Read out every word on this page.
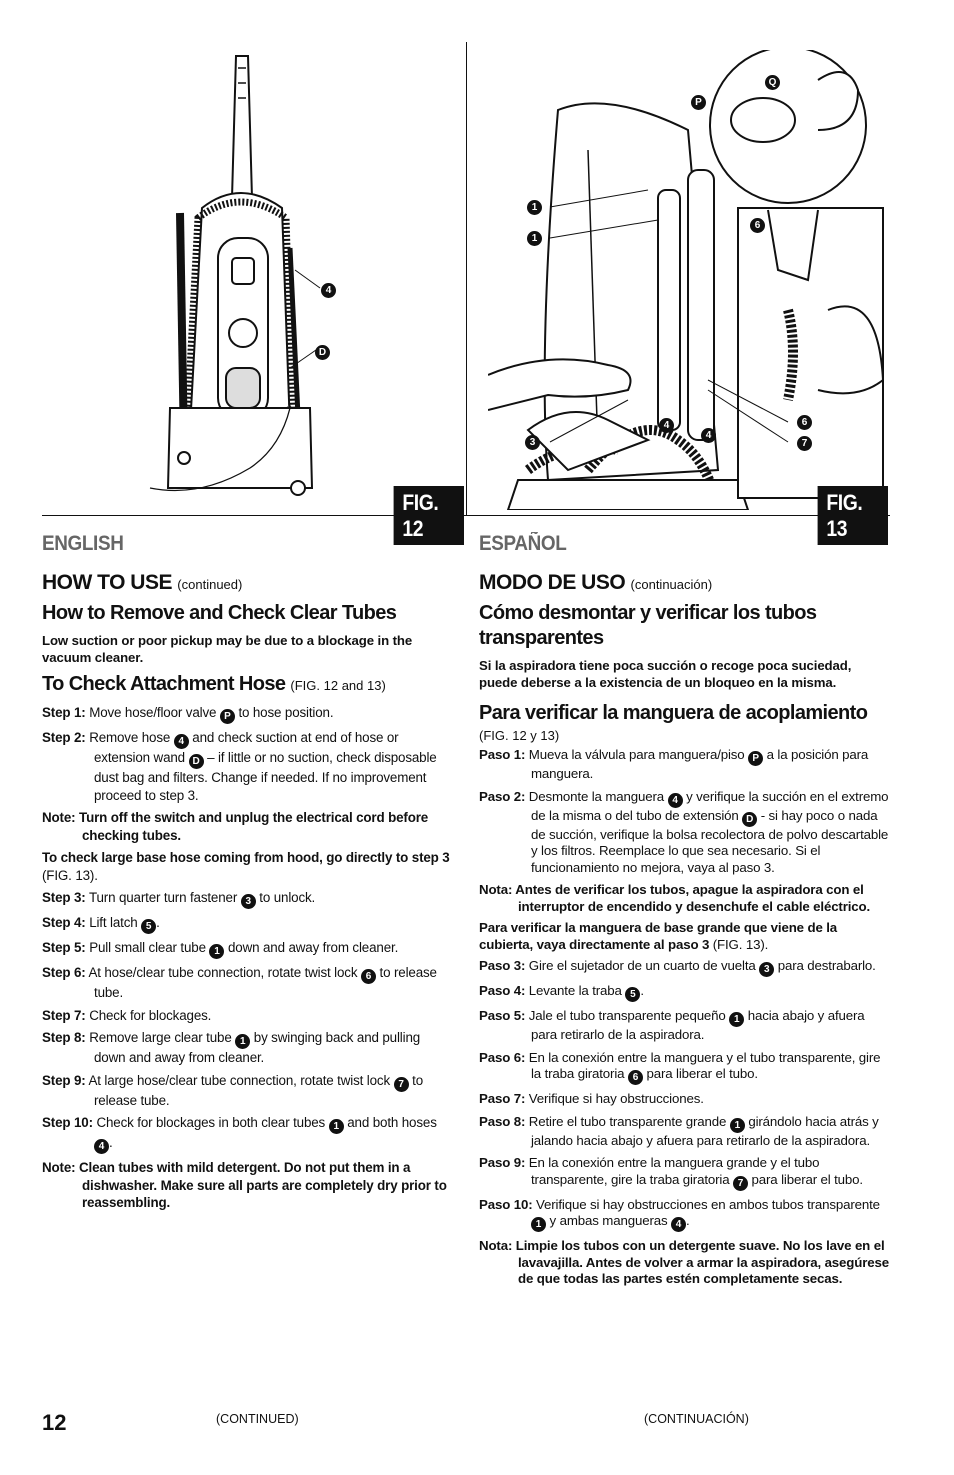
4
D
FIG. 12
Q
P
1
1
6
6
7
3
4
4
FIG. 13
ENGLISH
HOW TO USE (continued)
How to Remove and Check Clear Tubes
Low suction or poor pickup may be due to a blockage in the vacuum cleaner.
To Check Attachment Hose (FIG. 12 and 13)
Step 1: Move hose/floor valve P to hose position.
Step 2: Remove hose 4 and check suction at end of hose or extension wand D – if little or no suction, check disposable dust bag and filters. Change if needed. If no improvement proceed to step 3.
Note: Turn off the switch and unplug the electrical cord before checking tubes.
To check large base hose coming from hood, go directly to step 3 (FIG. 13).
Step 3: Turn quarter turn fastener 3 to unlock.
Step 4: Lift latch 5 .
Step 5: Pull small clear tube 1 down and away from cleaner.
Step 6: At hose/clear tube connection, rotate twist lock 6 to release tube.
Step 7: Check for blockages.
Step 8: Remove large clear tube 1 by swinging back and pulling down and away from cleaner.
Step 9: At large hose/clear tube connection, rotate twist lock 7 to release tube.
Step 10: Check for blockages in both clear tubes 1 and both hoses 4 .
Note: Clean tubes with mild detergent. Do not put them in a dishwasher. Make sure all parts are completely dry prior to reassembling.
ESPAÑOL
MODO DE USO (continuación)
Cómo desmontar y verificar los tubos transparentes
Si la aspiradora tiene poca succión o recoge poca suciedad, puede deberse a la existencia de un bloqueo en la misma.
Para verificar la manguera de acoplamiento
(FIG. 12 y 13)
Paso 1: Mueva la válvula para manguera/piso P a la posición para manguera.
Paso 2: Desmonte la manguera 4 y verifique la succión en el extremo de la misma o del tubo de extensión D - si hay poco o nada de succión, verifique la bolsa recolectora de polvo descartable y los filtros. Reemplace lo que sea necesario. Si el funcionamiento no mejora, vaya al paso 3.
Nota: Antes de verificar los tubos, apague la aspiradora con el interruptor de encendido y desenchufe el cable eléctrico.
Para verificar la manguera de base grande que viene de la cubierta, vaya directamente al paso 3 (FIG. 13).
Paso 3: Gire el sujetador de un cuarto de vuelta 3 para destrabarlo.
Paso 4: Levante la traba 5 .
Paso 5: Jale el tubo transparente pequeño 1 hacia abajo y afuera para retirarlo de la aspiradora.
Paso 6: En la conexión entre la manguera y el tubo transparente, gire la traba giratoria 6 para liberar el tubo.
Paso 7: Verifique si hay obstrucciones.
Paso 8: Retire el tubo transparente grande 1 girándolo hacia atrás y jalando hacia abajo y afuera para retirarlo de la aspiradora.
Paso 9: En la conexión entre la manguera grande y el tubo transparente, gire la traba giratoria 7 para liberar el tubo.
Paso 10: Verifique si hay obstrucciones en ambos tubos transparente 1 y ambas mangueras 4 .
Nota: Limpie los tubos con un detergente suave. No los lave en el lavavajilla. Antes de volver a armar la aspiradora, asegúrese de que todas las partes estén completamente secas.
12	(CONTINUED)	(CONTINUACIÓN)
